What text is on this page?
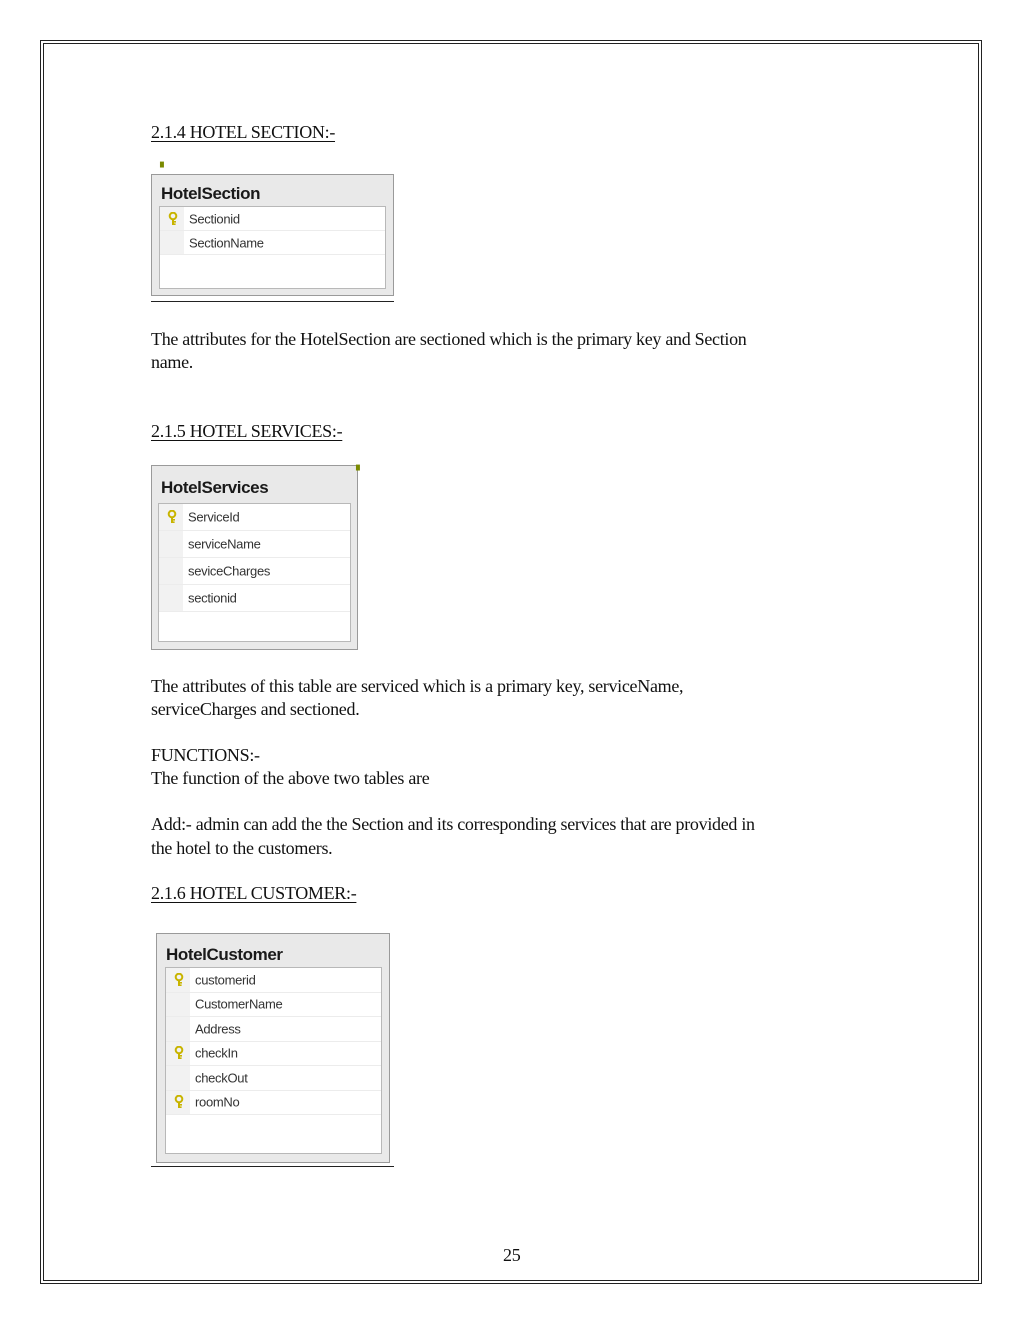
2.1.4 HOTEL SECTION:-
▘
HotelSection
Sectionid
SectionName
The attributes for the HotelSection are sectioned which is the primary key and Section
name.
2.1.5 HOTEL SERVICES:-
HotelServices
ServiceId
serviceName
seviceCharges
sectionid
▘
The attributes of this table are serviced which is a primary key, serviceName,
serviceCharges and sectioned.
FUNCTIONS:-
The function of the above two tables are
Add:- admin can add the the Section and its corresponding services that are provided in
the hotel to the customers.
2.1.6 HOTEL CUSTOMER:-
HotelCustomer
customerid
CustomerName
Address
checkIn
checkOut
roomNo
25
